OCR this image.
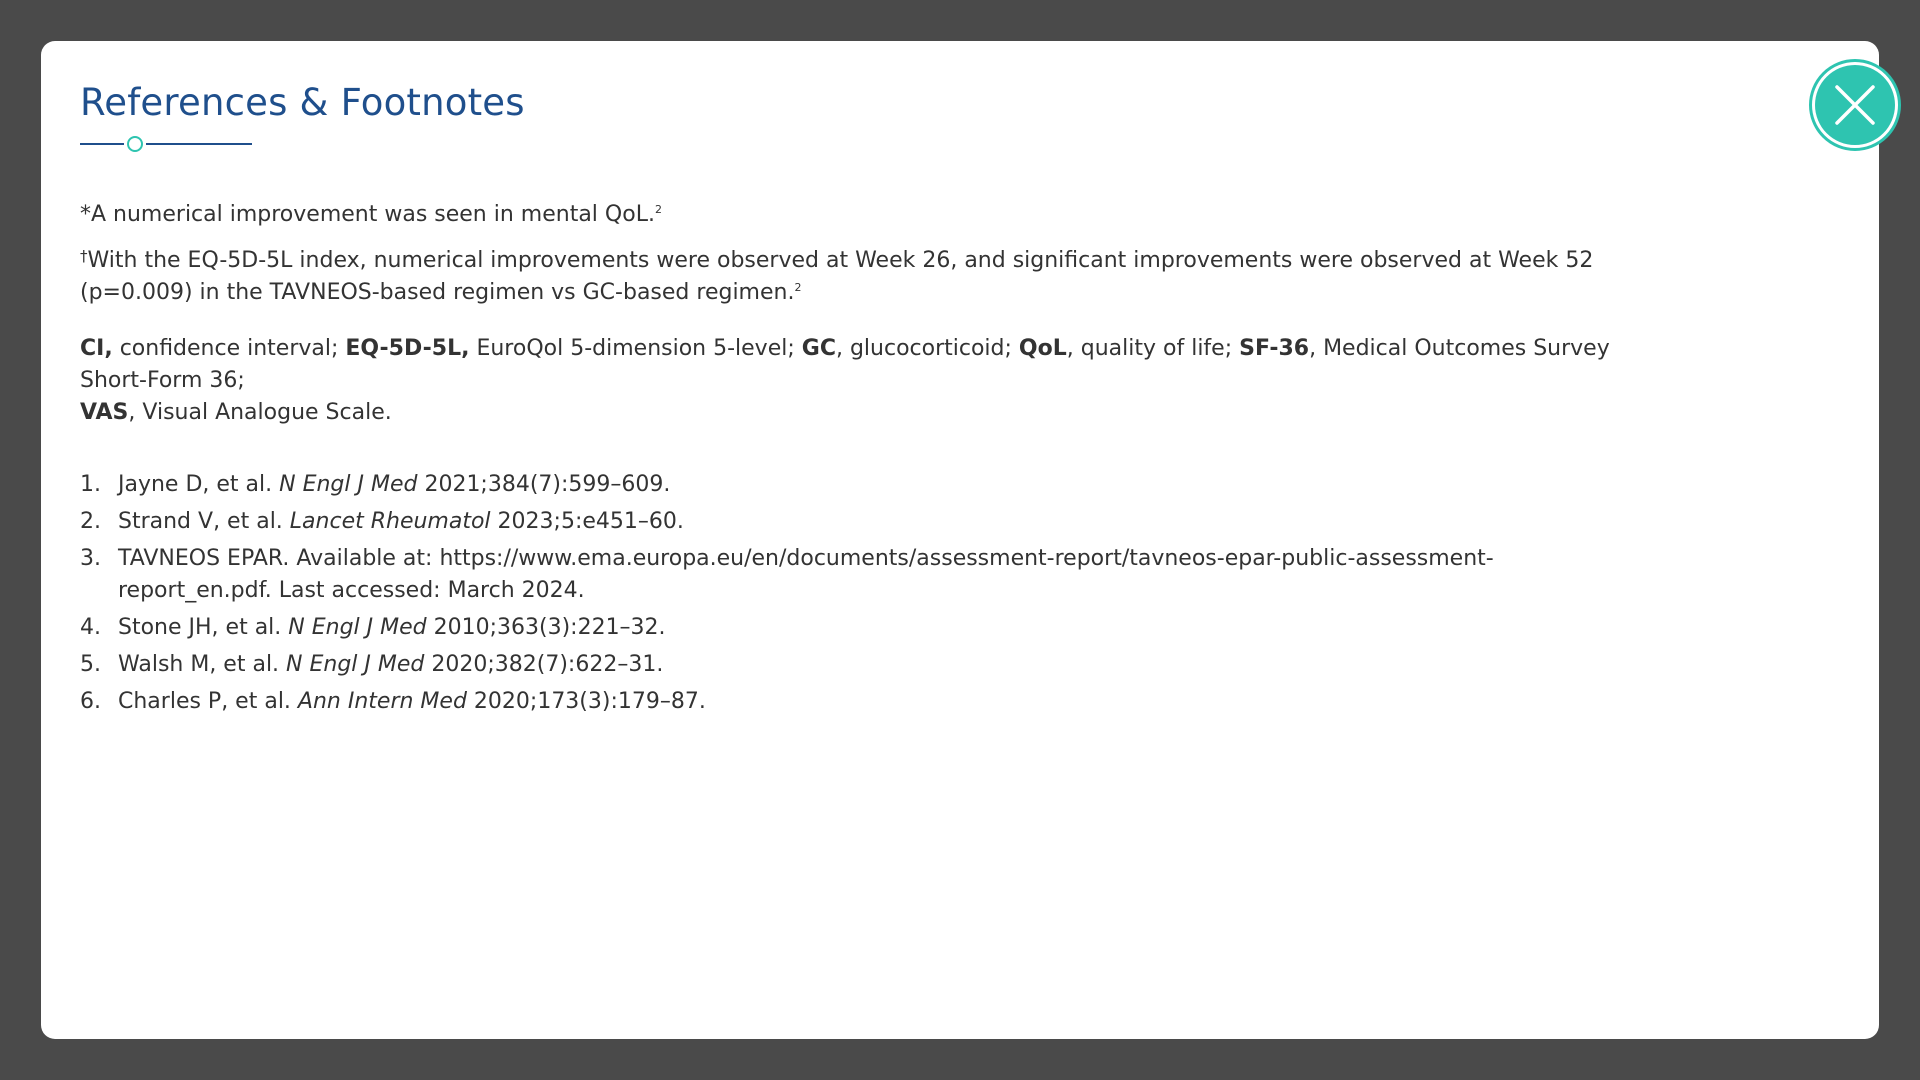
References & Footnotes

*A numerical improvement was seen in mental QoL.$^2$

†With the EQ-5D-5L index, numerical improvements were observed at Week 26, and significant improvements were observed at Week 52 (p=0.009) in the TAVNEOS-based regimen vs GC-based regimen.$^2$

CI, confidence interval; EQ-5D-5L, EuroQol 5-dimension 5-level; GC, glucocorticoid; QoL, quality of life; SF-36, Medical Outcomes Survey Short-Form 36;
VAS, Visual Analogue Scale.

1. Jayne D, et al. N Engl J Med 2021;384(7):599–609.
2. Strand V, et al. Lancet Rheumatol 2023;5:e451–60.
3. TAVNEOS EPAR. Available at: https://www.ema.europa.eu/en/documents/assessment-report/tavneos-epar-public-assessment-report_en.pdf. Last accessed: March 2024.
4. Stone JH, et al. N Engl J Med 2010;363(3):221–32.
5. Walsh M, et al. N Engl J Med 2020;382(7):622–31.
6. Charles P, et al. Ann Intern Med 2020;173(3):179–87.
